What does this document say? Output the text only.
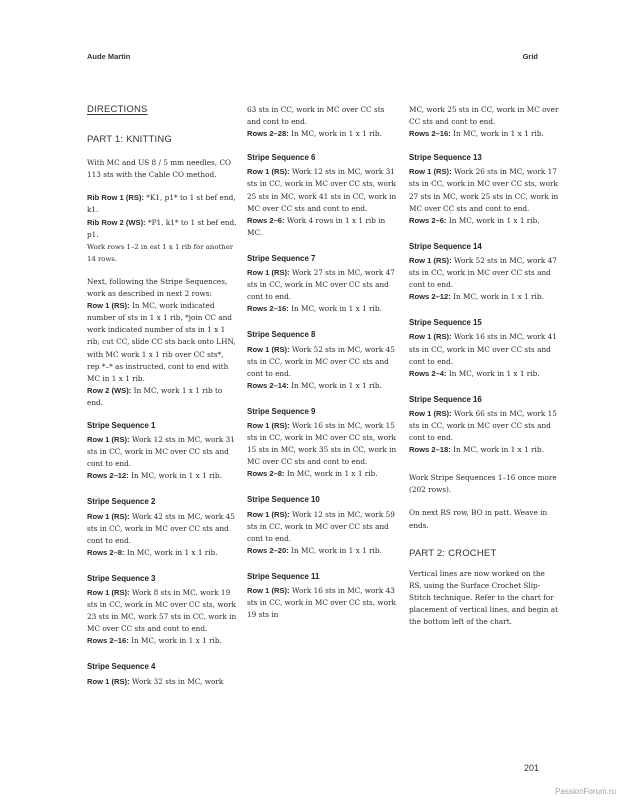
Aude Martin	Grid
DIRECTIONS
PART 1: KNITTING

With MC and US 8 / 5 mm needles, CO 113 sts with the Cable CO method.

Rib Row 1 (RS): *K1, p1* to 1 st bef end, k1.
Rib Row 2 (WS): *P1, k1* to 1 st bef end, p1.
Work rows 1–2 in est 1 x 1 rib for another 14 rows.

Next, following the Stripe Sequences, work as described in next 2 rows:
Row 1 (RS): In MC, work indicated number of sts in 1 x 1 rib, *join CC and work indicated number of sts in 1 x 1 rib, cut CC, slide CC sts back onto LHN, with MC work 1 x 1 rib over CC sts*, rep *–* as instructed, cont to end with MC in 1 x 1 rib.
Row 2 (WS): In MC, work 1 x 1 rib to end.

Stripe Sequence 1
Row 1 (RS): Work 12 sts in MC, work 31 sts in CC, work in MC over CC sts and cont to end.
Rows 2–12: In MC, work in 1 x 1 rib.
Stripe Sequence 2
Row 1 (RS): Work 42 sts in MC, work 45 sts in CC, work in MC over CC sts and cont to end.
Rows 2–8: In MC, work in 1 x 1 rib.
Stripe Sequence 3
Row 1 (RS): Work 8 sts in MC, work 19 sts in CC, work in MC over CC sts, work 23 sts in MC, work 57 sts in CC, work in MC over CC sts and cont to end.
Rows 2–16: In MC, work in 1 x 1 rib.
Stripe Sequence 4
Row 1 (RS): Work 32 sts in MC, work
63 sts in CC, work in MC over CC sts and cont to end.
Rows 2–28: In MC, work in 1 x 1 rib.
Stripe Sequence 6
Row 1 (RS): Work 12 sts in MC, work 31 sts in CC, work in MC over CC sts, work 25 sts in MC, work 41 sts in CC, work in MC over CC sts and cont to end.
Rows 2–6: Work 4 rows in 1 x 1 rib in MC.
Stripe Sequence 7
Row 1 (RS): Work 27 sts in MC, work 47 sts in CC, work in MC over CC sts and cont to end.
Rows 2–16: In MC, work in 1 x 1 rib.
Stripe Sequence 8
Row 1 (RS): Work 52 sts in MC, work 45 sts in CC, work in MC over CC sts and cont to end.
Rows 2–14: In MC, work in 1 x 1 rib.
Stripe Sequence 9
Row 1 (RS): Work 16 sts in MC, work 15 sts in CC, work in MC over CC sts, work 15 sts in MC, work 35 sts in CC, work in MC over CC sts and cont to end.
Rows 2–8: In MC, work in 1 x 1 rib.
Stripe Sequence 10
Row 1 (RS): Work 12 sts in MC, work 59 sts in CC, work in MC over CC sts and cont to end.
Rows 2–20: In MC, work in 1 x 1 rib.
Stripe Sequence 11
Row 1 (RS): Work 16 sts in MC, work 43 sts in CC, work in MC over CC sts, work 19 sts in
MC, work 25 sts in CC, work in MC over CC sts and cont to end.
Rows 2–16: In MC, work in 1 x 1 rib.
Stripe Sequence 13
Row 1 (RS): Work 26 sts in MC, work 17 sts in CC, work in MC over CC sts, work 27 sts in MC, work 25 sts in CC, work in MC over CC sts and cont to end.
Rows 2–6: In MC, work in 1 x 1 rib.
Stripe Sequence 14
Row 1 (RS): Work 52 sts in MC, work 47 sts in CC, work in MC over CC sts and cont to end.
Rows 2–12: In MC, work in 1 x 1 rib.
Stripe Sequence 15
Row 1 (RS): Work 16 sts in MC, work 41 sts in CC, work in MC over CC sts and cont to end.
Rows 2–4: In MC, work in 1 x 1 rib.
Stripe Sequence 16
Row 1 (RS): Work 66 sts in MC, work 15 sts in CC, work in MC over CC sts and cont to end.
Rows 2–18: In MC, work in 1 x 1 rib.

Work Stripe Sequences 1–16 once more (202 rows).

On next RS row, BO in patt. Weave in ends.

PART 2: CROCHET

Vertical lines are now worked on the RS, using the Surface Crochet Slip-Stitch technique. Refer to the chart for placement of vertical lines, and begin at the bottom left of the chart.

201
PassionForum.ru
